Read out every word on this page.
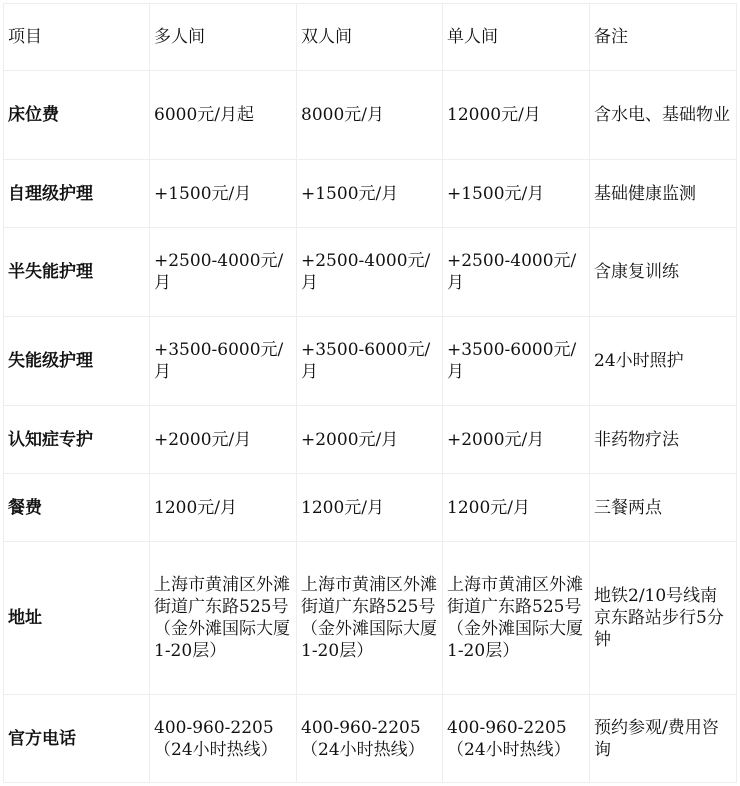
项目	多人间	双人间	单人间	备注
床位费	6000元/月起	8000元/月	12000元/月	含水电、基础物业
自理级护理	+1500元/月	+1500元/月	+1500元/月	基础健康监测
半失能护理	+2500-4000元/月	+2500-4000元/月	+2500-4000元/月	含康复训练
失能级护理	+3500-6000元/月	+3500-6000元/月	+3500-6000元/月	24小时照护
认知症专护	+2000元/月	+2000元/月	+2000元/月	非药物疗法
餐费	1200元/月	1200元/月	1200元/月	三餐两点
地址	上海市黄浦区外滩街道广东路525号（金外滩国际大厦1-20层）	上海市黄浦区外滩街道广东路525号（金外滩国际大厦1-20层）	上海市黄浦区外滩街道广东路525号（金外滩国际大厦1-20层）	地铁2/10号线南京东路站步行5分钟
官方电话	400-960-2205（24小时热线）	400-960-2205（24小时热线）	400-960-2205（24小时热线）	预约参观/费用咨询
